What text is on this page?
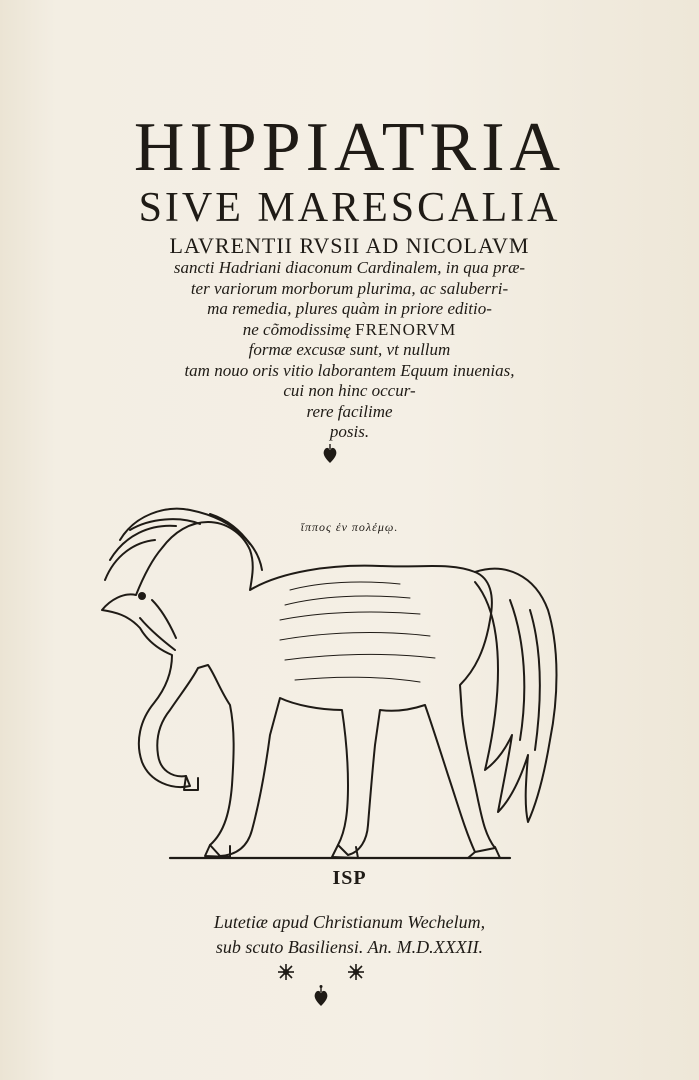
HIPPIATRIA
SIVE MARESCALIA
LAVRENTII RVSII AD NICOLAVM
sancti Hadriani diaconum Cardinalem, in qua præ-
ter variorum morborum plurima, ac saluberri-
ma remedia, plures quàm in priore editio-
ne cõmodissimę FRENORVM
formæ excusæ sunt, vt nullum
tam nouo oris vitio laborantem Equum inuenias,
cui non hinc occur-
rere facilime
posis.
ἵππος ἐν πολέμῳ.
ISP
Lutetiæ apud Christianum Wechelum,
sub scuto Basiliensi. An. M.D.XXXII.
